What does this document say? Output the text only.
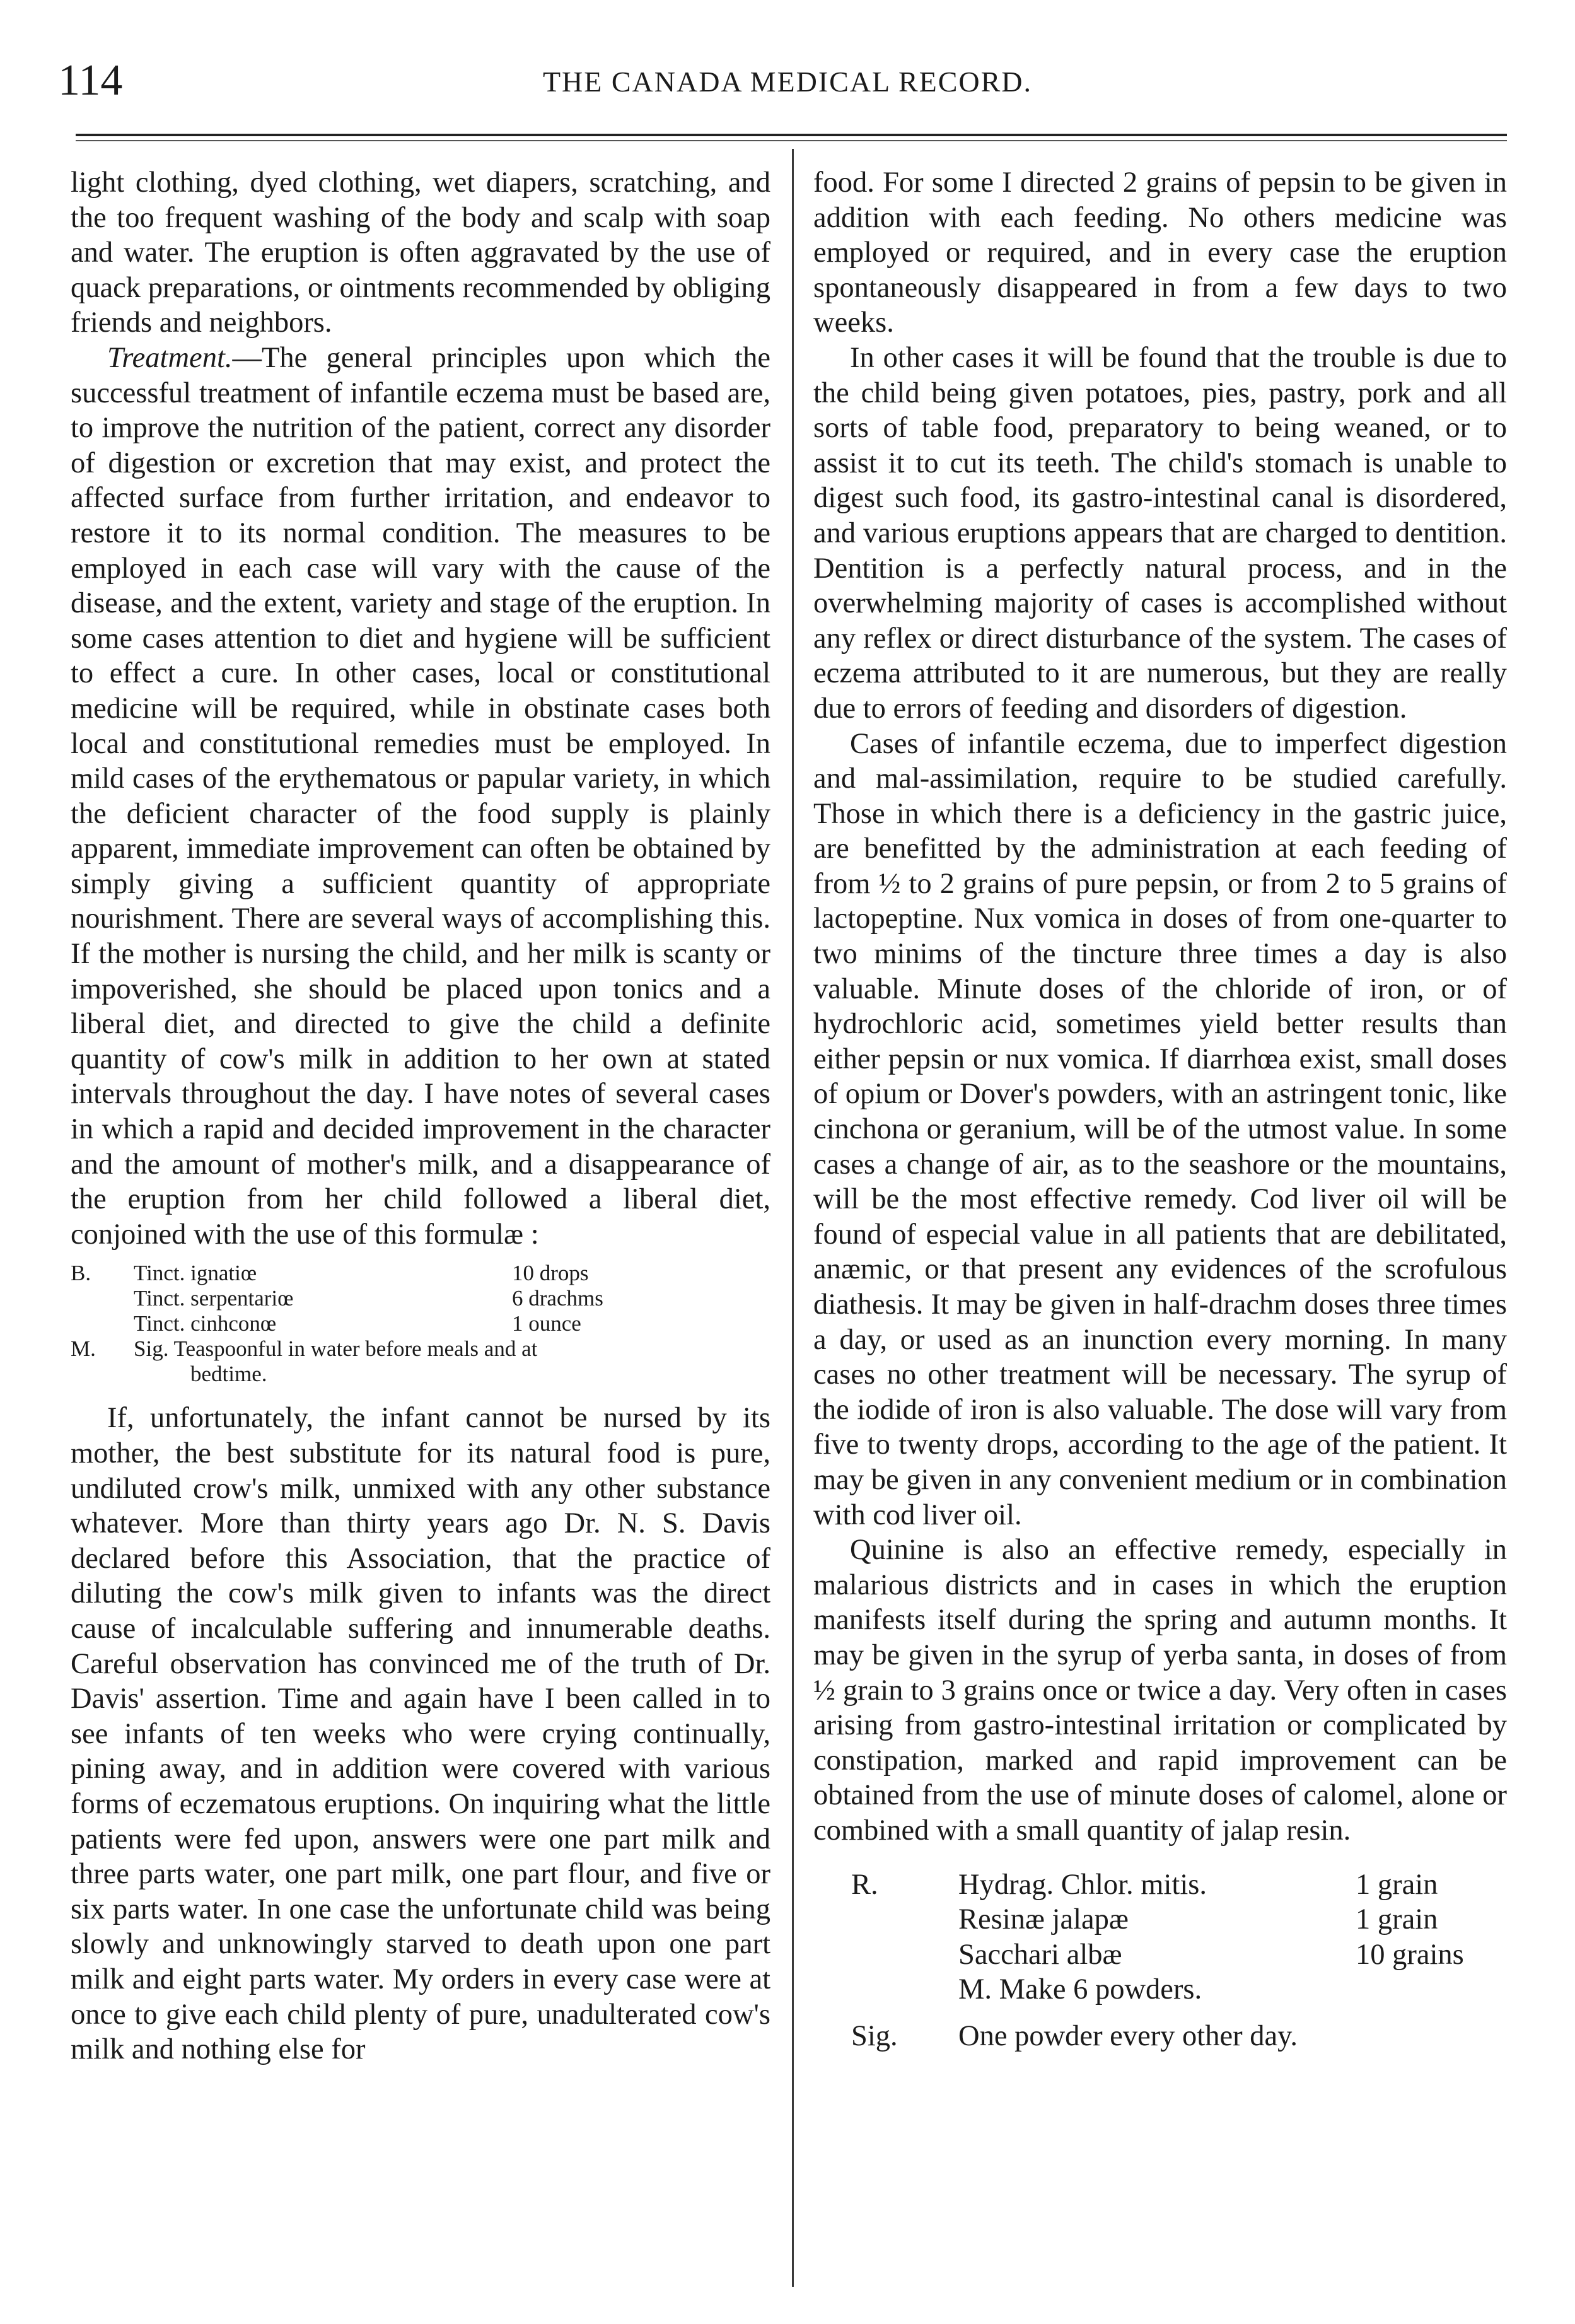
114	THE CANADA MEDICAL RECORD.

light clothing, dyed clothing, wet diapers, scratching, and the too frequent washing of the body and scalp with soap and water. The eruption is often aggravated by the use of quack preparations, or ointments recommended by obliging friends and neighbors.

Treatment.—The general principles upon which the successful treatment of infantile eczema must be based are, to improve the nutrition of the patient, correct any disorder of digestion or excretion that may exist, and protect the affected surface from further irritation, and endeavor to restore it to its normal condition. The measures to be employed in each case will vary with the cause of the disease, and the extent, variety and stage of the eruption. In some cases attention to diet and hygiene will be sufficient to effect a cure. In other cases, local or constitutional medicine will be required, while in obstinate cases both local and constitutional remedies must be employed. In mild cases of the erythematous or papular variety, in which the deficient character of the food supply is plainly apparent, immediate improvement can often be obtained by simply giving a sufficient quantity of appropriate nourishment. There are several ways of accomplishing this. If the mother is nursing the child, and her milk is scanty or impoverished, she should be placed upon tonics and a liberal diet, and directed to give the child a definite quantity of cow's milk in addition to her own at stated intervals throughout the day. I have notes of several cases in which a rapid and decided improvement in the character and the amount of mother's milk, and a disappearance of the eruption from her child followed a liberal diet, conjoined with the use of this formulæ :

B.	Tinct. ignatiœ	10 drops
Tinct. serpentariœ	6 drachms
Tinct. cinhconœ	1 ounce
M.	Sig. Teaspoonful in water before meals and at
bedtime.

If, unfortunately, the infant cannot be nursed by its mother, the best substitute for its natural food is pure, undiluted crow's milk, unmixed with any other substance whatever. More than thirty years ago Dr. N. S. Davis declared before this Association, that the practice of diluting the cow's milk given to infants was the direct cause of incalculable suffering and innumerable deaths. Careful observation has convinced me of the truth of Dr. Davis' assertion. Time and again have I been called in to see infants of ten weeks who were crying continually, pining away, and in addition were covered with various forms of eczematous eruptions. On inquiring what the little patients were fed upon, answers were one part milk and three parts water, one part milk, one part flour, and five or six parts water. In one case the unfortunate child was being slowly and unknowingly starved to death upon one part milk and eight parts water. My orders in every case were at once to give each child plenty of pure, unadulterated cow's milk and nothing else for

food. For some I directed 2 grains of pepsin to be given in addition with each feeding. No others medicine was employed or required, and in every case the eruption spontaneously disappeared in from a few days to two weeks.

In other cases it will be found that the trouble is due to the child being given potatoes, pies, pastry, pork and all sorts of table food, preparatory to being weaned, or to assist it to cut its teeth. The child's stomach is unable to digest such food, its gastro-intestinal canal is disordered, and various eruptions appears that are charged to dentition. Dentition is a perfectly natural process, and in the overwhelming majority of cases is accomplished without any reflex or direct disturbance of the system. The cases of eczema attributed to it are numerous, but they are really due to errors of feeding and disorders of digestion.

Cases of infantile eczema, due to imperfect digestion and mal-assimilation, require to be studied carefully. Those in which there is a deficiency in the gastric juice, are benefitted by the administration at each feeding of from ½ to 2 grains of pure pepsin, or from 2 to 5 grains of lactopeptine. Nux vomica in doses of from one-quarter to two minims of the tincture three times a day is also valuable. Minute doses of the chloride of iron, or of hydrochloric acid, sometimes yield better results than either pepsin or nux vomica. If diarrhœa exist, small doses of opium or Dover's powders, with an astringent tonic, like cinchona or geranium, will be of the utmost value. In some cases a change of air, as to the seashore or the mountains, will be the most effective remedy. Cod liver oil will be found of especial value in all patients that are debilitated, anæmic, or that present any evidences of the scrofulous diathesis. It may be given in half-drachm doses three times a day, or used as an inunction every morning. In many cases no other treatment will be necessary. The syrup of the iodide of iron is also valuable. The dose will vary from five to twenty drops, according to the age of the patient. It may be given in any convenient medium or in combination with cod liver oil.

Quinine is also an effective remedy, especially in malarious districts and in cases in which the eruption manifests itself during the spring and autumn months. It may be given in the syrup of yerba santa, in doses of from ½ grain to 3 grains once or twice a day. Very often in cases arising from gastro-intestinal irritation or complicated by constipation, marked and rapid improvement can be obtained from the use of minute doses of calomel, alone or combined with a small quantity of jalap resin.

R.	Hydrag. Chlor. mitis.	1 grain
Resinæ jalapæ	1 grain
Sacchari albæ	10 grains
M. Make 6 powders.
Sig.	One powder every other day.
